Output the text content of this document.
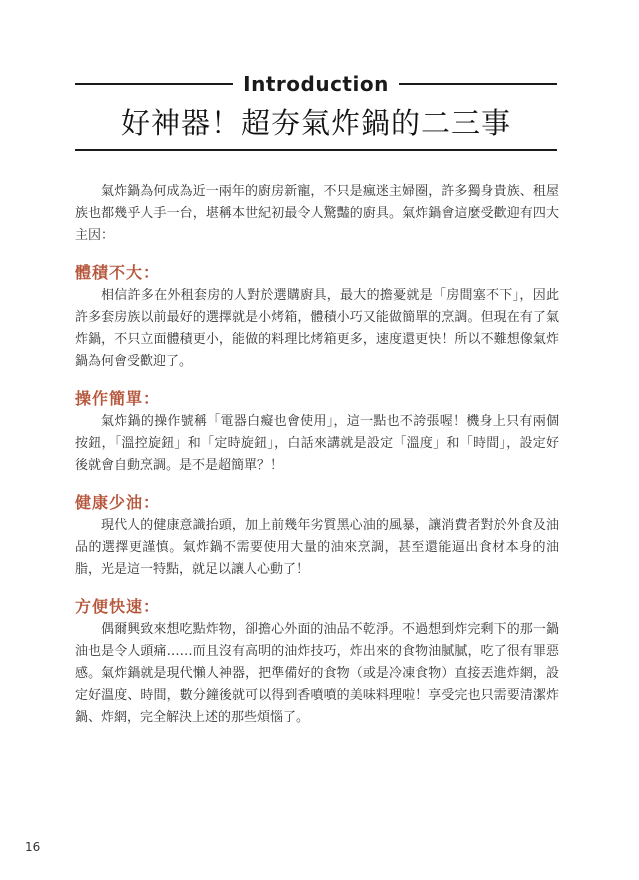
Introduction
好神器！超夯氣炸鍋的二三事

氣炸鍋為何成為近一兩年的廚房新寵，不只是瘋迷主婦圈，許多獨身貴族、租屋族也都幾乎人手一台，堪稱本世紀初最令人驚豔的廚具。氣炸鍋會這麼受歡迎有四大主因：

體積不大：

相信許多在外租套房的人對於選購廚具，最大的擔憂就是「房間塞不下」，因此許多套房族以前最好的選擇就是小烤箱，體積小巧又能做簡單的烹調。但現在有了氣炸鍋，不只立面體積更小，能做的料理比烤箱更多，速度還更快！所以不難想像氣炸鍋為何會受歡迎了。

操作簡單：

氣炸鍋的操作號稱「電器白癡也會使用」，這一點也不誇張喔！機身上只有兩個按鈕，「溫控旋鈕」和「定時旋鈕」，白話來講就是設定「溫度」和「時間」，設定好後就會自動烹調。是不是超簡單？！

健康少油：

現代人的健康意識抬頭，加上前幾年劣質黑心油的風暴，讓消費者對於外食及油品的選擇更謹慎。氣炸鍋不需要使用大量的油來烹調，甚至還能逼出食材本身的油脂，光是這一特點，就足以讓人心動了！

方便快速：

偶爾興致來想吃點炸物，卻擔心外面的油品不乾淨。不過想到炸完剩下的那一鍋油也是令人頭痛……而且沒有高明的油炸技巧，炸出來的食物油膩膩，吃了很有罪惡感。氣炸鍋就是現代懶人神器，把準備好的食物（或是冷凍食物）直接丟進炸網，設定好溫度、時間，數分鐘後就可以得到香噴噴的美味料理啦！享受完也只需要清潔炸鍋、炸網，完全解決上述的那些煩惱了。

16
